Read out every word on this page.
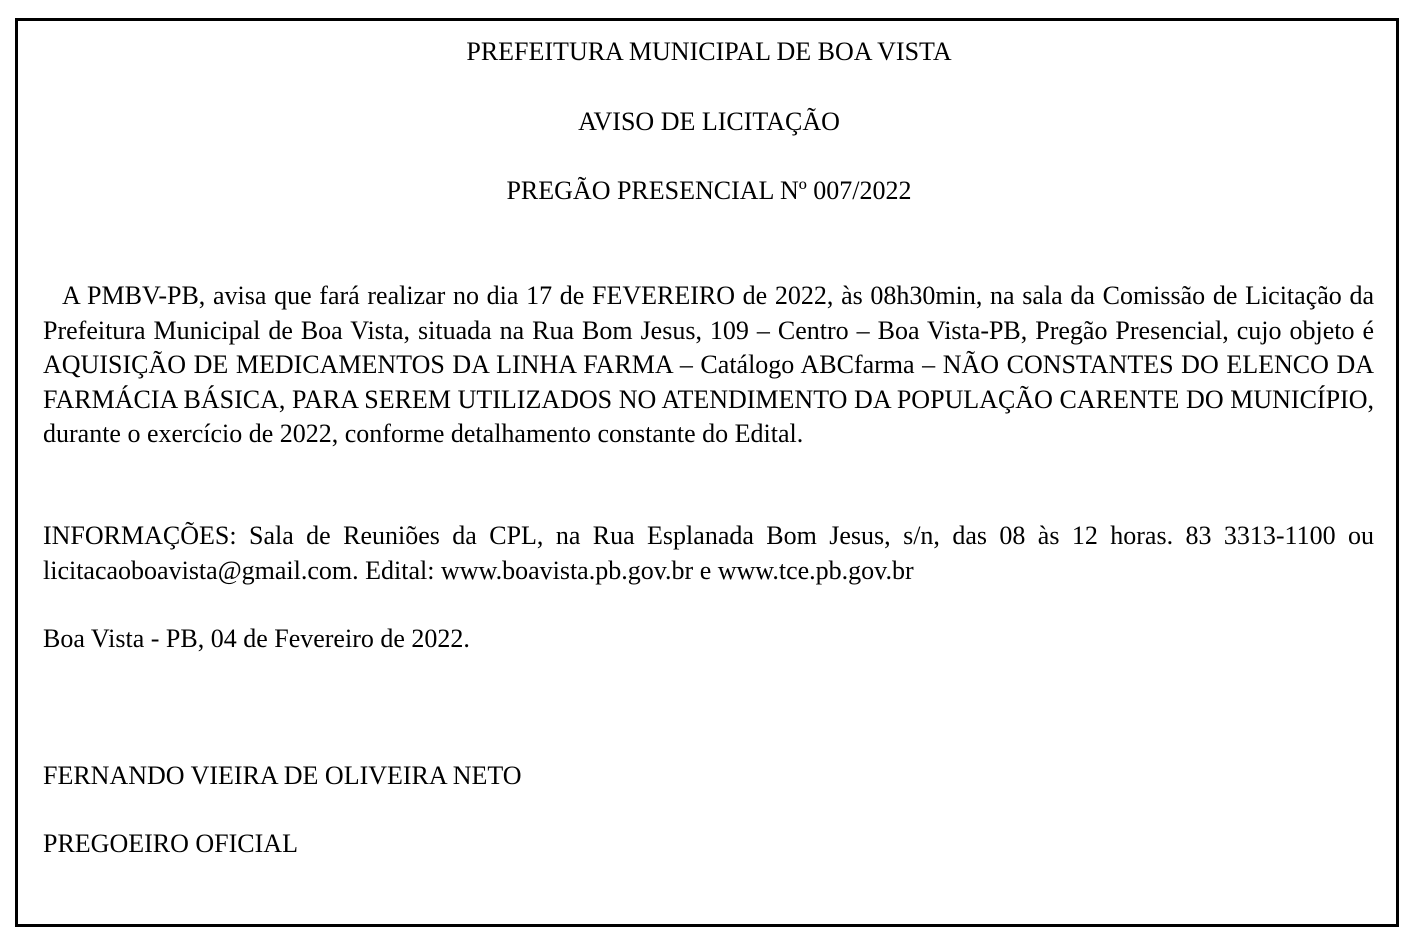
PREFEITURA MUNICIPAL DE BOA VISTA
AVISO DE LICITAÇÃO
PREGÃO PRESENCIAL Nº 007/2022
A PMBV-PB, avisa que fará realizar no dia 17 de FEVEREIRO de 2022, às 08h30min, na sala da Comissão de Licitação da Prefeitura Municipal de Boa Vista, situada na Rua Bom Jesus, 109 – Centro – Boa Vista-PB, Pregão Presencial, cujo objeto é AQUISIÇÃO DE MEDICAMENTOS DA LINHA FARMA – Catálogo ABCfarma – NÃO CONSTANTES DO ELENCO DA FARMÁCIA BÁSICA, PARA SEREM UTILIZADOS NO ATENDIMENTO DA POPULAÇÃO CARENTE DO MUNICÍPIO, durante o exercício de 2022, conforme detalhamento constante do Edital.
INFORMAÇÕES: Sala de Reuniões da CPL, na Rua Esplanada Bom Jesus, s/n, das 08 às 12 horas. 83 3313-1100 ou licitacaoboavista@gmail.com. Edital: www.boavista.pb.gov.br e www.tce.pb.gov.br
Boa Vista - PB, 04 de Fevereiro de 2022.
FERNANDO VIEIRA DE OLIVEIRA NETO
PREGOEIRO OFICIAL
